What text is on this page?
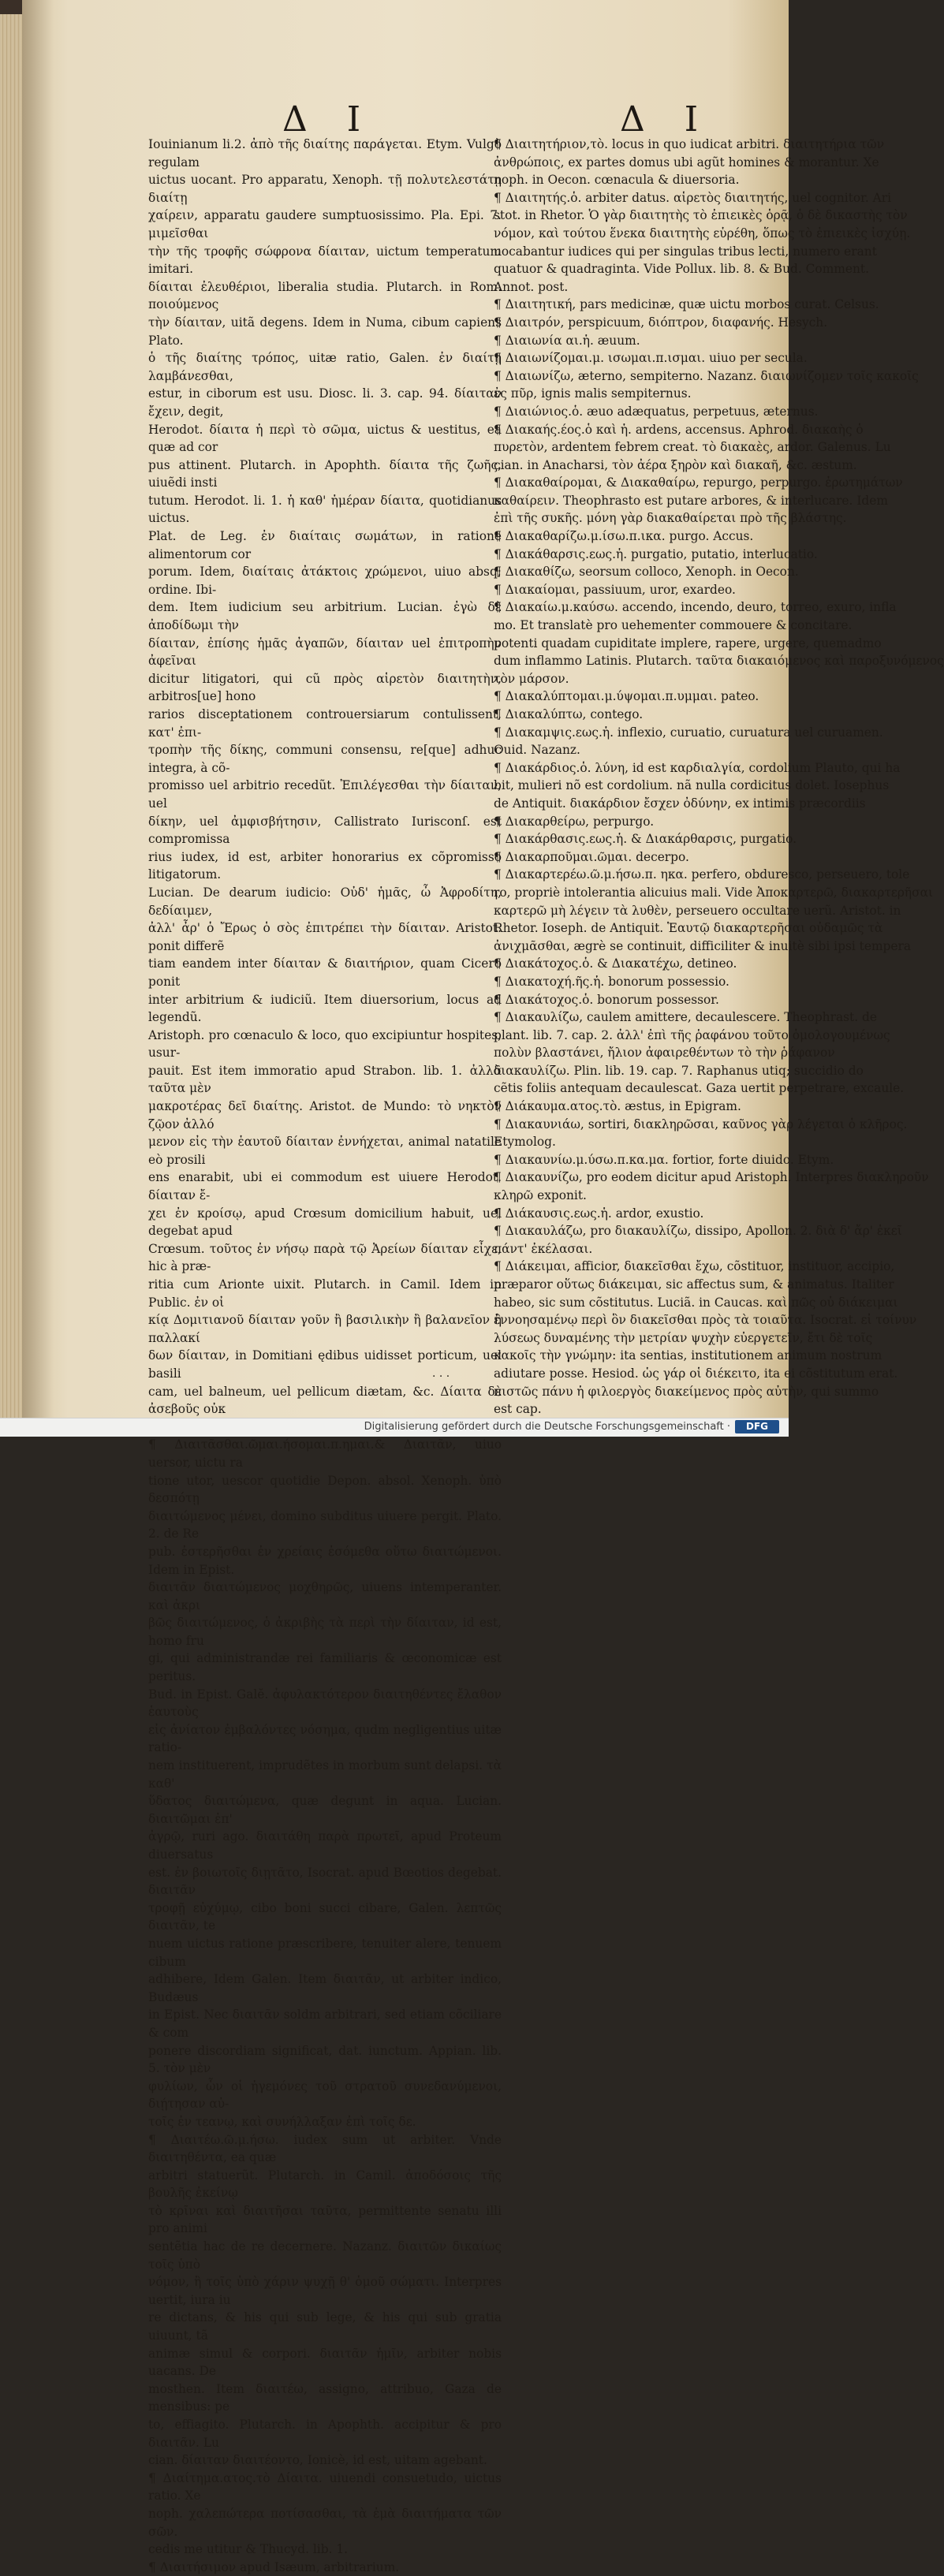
Δ Ι	Δ Ι

Iouinianum li.2. ἀπὸ τῆς διαίτης παράγεται. Etym. Vulgò regulam

uictus uocant. Pro apparatu, Xenoph. τῇ πολυτελεστάτῃ διαίτῃ

χαίρειν, apparatu gaudere sumptuosissimo. Pla. Epi. 7. μιμεῖσθαι

τὴν τῆς τροφῆς σώφρονα δίαιταν, uictum temperatum imitari.

δίαιται ἐλευθέριοι, liberalia studia. Plutarch. in Rom. ποιούμενος

τὴν δίαιταν, uitã degens. Idem in Numa, cibum capiens Plato.

ὁ τῆς διαίτης τρόπος, uitæ ratio, Galen. ἐν διαίτῃ λαμβάνεσθαι,

estur, in ciborum est usu. Diosc. li. 3. cap. 94. δίαιταν ἔχειν, degit,

Herodot. δίαιτα ἡ περὶ τὸ σῶμα, uictus & uestitus, ea quæ ad cor

pus attinent. Plutarch. in Apophth. δίαιτα τῆς ζωῆς, uiuẽdi insti

tutum. Herodot. li. 1. ἡ καθ' ἡμέραν δίαιτα, quotidianus uictus.

Plat. de Leg. ἐν διαίταις σωμάτων, in ratione alimentorum cor

porum. Idem, διαίταις ἀτάκτοις χρώμενοι, uiuo absq; ordine. Ibi-

dem. Item iudicium seu arbitrium. Lucian. ἐγὼ δὲ ἀποδίδωμι τὴν

δίαιταν, ἐπίσης ἡμᾶς ἀγαπῶν, δίαιταν uel ἐπιτροπὴν ἀφεῖναι

dicitur litigatori, qui cũ πρὸς αἱρετὸν διαιτητὴν, arbitros[ue] hono

rarios disceptationem controuersiarum contulissent, κατ' ἐπι-

τροπὴν τῆς δίκης, communi consensu, re[que] adhuc integra, à cõ-

promisso uel arbitrio recedũt. Ἐπιλέγεσθαι τὴν δίαιταν, uel

δίκην, uel ἀμφισβήτησιν, Callistrato Iurisconſ. est compromissa

rius iudex, id est, arbiter honorarius ex cõpromisso litigatorum.

Lucian. De dearum iudicio: Οὐδ' ἡμᾶς, ὦ Ἀφροδίτη, δεδίαιμεν,

ἀλλ' ἆρ' ὁ Ἔρως ὁ σὸς ἐπιτρέπει τὴν δίαιταν. Aristot. ponit differẽ

tiam eandem inter δίαιταν & διαιτήριον, quam Cicero ponit

inter arbitrium & iudiciũ. Item diuersorium, locus ad legendũ.

Aristoph. pro cœnaculo & loco, quo excipiuntur hospites, usur-

pauit. Est item immoratio apud Strabon. lib. 1. ἀλλὰ ταῦτα μὲν

μακροτέρας δεῖ διαίτης. Aristot. de Mundo: τὸ νηκτὸν ζῷον ἀλλό

μενον εἰς τὴν ἑαυτοῦ δίαιταν ἐννήχεται, animal natatile eò prosili

ens enarabit, ubi ei commodum est uiuere Herodot. δίαιταν ἔ-

χει ἐν κροίσῳ, apud Crœsum domicilium habuit, uel degebat apud

Crœsum. τοῦτος ἐν νήσῳ παρὰ τῷ Ἀρείων δίαιταν εἶχε, hic à præ-

ritia cum Arionte uixit. Plutarch. in Camil. Idem in Public. ἐν οἰ

κίᾳ Δομιτιανοῦ δίαιταν γοῦν ἢ βασιλικὴν ἢ βαλανεῖον ἢ παλλακί

δων δίαιταν, in Domitiani ędibus uidisset porticum, uel basili

cam, uel balneum, uel pellicum diætam, &c. Δίαιτα δὲ ἀσεβοῦς οὐκ

¶ Διαιτᾶσθαι.ῶμαι.ήσομαι.π.ημαι.& Διαιτᾶν, uiuo uersor, uictu ra

tione utor, uescor quotidie Depon. absol. Xenoph. ὑπὸ δεσπότῃ

διαιτώμενος μένει, domino subditus uiuere pergit. Plato. 2. de Re

pub. ἐστερῆσθαι ἐν χρείαις ἐσόμεθα οὕτω διαιτώμενοι. Idem in Epist.

διαιτᾶν διαιτώμενος μοχθηρῶς, uiuens intemperanter. καὶ ἀκρι

βῶς διαιτώμενος, ὁ ἀκριβὴς τὰ περὶ τὴν δίαιταν, id est, homo fru

gi, qui administrandæ rei familiaris & œconomicæ est peritus.

Bud. in Epist. Galĕ. ἀφυλακτότερον διαιτηθέντες ἔλαθον ἑαυτοὺς

εἰς ἀνίατον ἐμβαλόντες νόσημα, qudm negligentius uitæ ratio-

nem instituerent, imprudẽtes in morbum sunt delapsi. τὰ καθ'

ὕδατος διαιτώμενα, quæ degunt in aqua. Lucian. διαιτῶμαι ἐπ'

ἀγρῷ, ruri ago. διαιτάθη παρὰ πρωτεῖ, apud Proteum diuersatus

est. ἐν βοιωτοῖς διῃτᾶτο, Isocrat. apud Bœotios degebat. διαιτᾶν

τροφῇ εὐχύμῳ, cibo boni succi cibare, Galen. λεπτῶς διαιτᾶν, te

nuem uictus ratione præscribere, tenuiter alere, tenuem cibum

adhibere, Idem Galen. Item διαιτᾶν, ut arbiter indico, Budæus

in Epist. Nec διαιτᾶν soldm arbitrari, sed etiam cõciliare & com

ponere discordiam significat, dat. iunctum. Appian. lib. 5. τὸν μὲν

φυλίων, ὧν οἱ ἡγεμόνες τοῦ στρατοῦ συνεδανύμενοι, διῄτησαν αὐ-

τοῖς ἐν τεανῳ, καὶ συνήλλαξαν ἐπὶ τοῖς δε.

¶ Διαιτέω.ῶ.μ.ήσω. iudex sum ut arbiter. Vnde διαιτηθέντα, ea quæ

arbitri statuerũt. Plutarch. in Camil. ἀποδόσοις τῆς βουλῆς ἐκείνῳ

τὸ κρῖναι καὶ διαιτῆσαι ταῦτα, permittente senatu illi pro animi

sentẽtia hac de re decernere. Nazanz. διαιτῶν δικαίως τοῖς ὑπὸ

νόμον, ἢ τοῖς ὑπὸ χάριν ψυχῇ θ' ὁμοῦ σώματι. Interpres uertit, iura iu

re dictans, & his qui sub lege, & his qui sub gratia uiuunt, tã

animæ simul & corpori. διαιτᾶν ἡμῖν, arbiter nobis uacans. De

mosthen. Item διαιτέω, assigno, attribuo, Gaza de mensibus: pe

to, effiagito. Plutarch. in Apophth. accipitur & pro διαιτᾶν. Lu

cian. δίαιταν διαιτέοντο, Ionicè, id est, uitam agebant.

¶ Διαίτημα.ατος.τὸ Δίαιτα. uiuendi consuetudo, uictus ratio. Xe

noph. χαλεπώτερα ποτίσασθαι, τὰ ἐμὰ διαιτήματα τῶν σῶν.

cedis me utitur & Thucyd. lib. 1.

¶ Διαιτήσιμον apud Isæum, arbitrarium.

¶ Διαιτητήριον,τὸ. locus in quo iudicat arbitri. διαιτητήρια τῶν

ἀνθρώποις, ex partes domus ubi agũt homines & morantur. Xe

noph. in Oecon. cœnacula & diuersoria.

¶ Διαιτητής.ὁ. arbiter datus. αἱρετὸς διαιτητής, uel cognitor. Ari

stot. in Rhetor. Ὁ γὰρ διαιτητὴς τὸ ἐπιεικὲς ὁρᾷ, ὁ δὲ δικαστὴς τὸν

νόμον, καὶ τούτου ἕνεκα διαιτητὴς εὑρέθη, ὅπως τὸ ἐπιεικὲς ἰσχύῃ.

uocabantur iudices qui per singulas tribus lecti, numero erant

quatuor & quadraginta. Vide Pollux. lib. 8. & Bud. Comment.

Annot. post.

¶ Διαιτητική, pars medicinæ, quæ uictu morbos curat. Celsus.

¶ Διαιτρόν, perspicuum, διόπτρον, διαφανής. Hesych.

¶ Διαιωνία αι.ἡ. æuum.

¶ Διαιωνίζομαι.μ. ισωμαι.π.ισμαι. uiuo per secula.

¶ Διαιωνίζω, æterno, sempiterno. Nazanz. διαιωνίζομεν τοῖς κακοῖς

ἐς πῦρ, ignis malis sempiternus.

¶ Διαιώνιος.ὁ. æuo adæquatus, perpetuus, æternus.

¶ Διακαής.έος.ὁ καὶ ἡ. ardens, accensus. Aphrod. διακαὴς ὁ

πυρετὸν, ardentem febrem creat. τὸ διακαὲς, ardor. Galenus. Lu

cian. in Anacharsi, τὸν ἀέρα ξηρὸν καὶ διακαῆ, &c. æstum.

¶ Διακαθαίρομαι, & Διακαθαίρω, repurgo, perpurgo. ἐρωτημάτων

καθαίρειν. Theophrasto est putare arbores, & interlucare. Idem

ἐπὶ τῆς συκῆς. μόνη γὰρ διακαθαίρεται πρὸ τῆς βλάστης.

¶ Διακαθαρίζω.μ.ίσω.π.ικα. purgo. Accus.

¶ Διακάθαρσις.εως.ἡ. purgatio, putatio, interlucatio.

¶ Διακαθίζω, seorsum colloco, Xenoph. in Oecon.

¶ Διακαίομαι, passiuum, uror, exardeo.

¶ Διακαίω.μ.καύσω. accendo, incendo, deuro, torreo, exuro, infla

mo. Et translatè pro uehementer commouere & concitare.

potenti quadam cupiditate implere, rapere, urgere, quemadmo

dum inflammo Latinis. Plutarch. ταῦτα διακαιόμενος καὶ παροξυνόμενος

τὸν μάρσον.

¶ Διακαλύπτομαι.μ.ύψομαι.π.υμμαι. pateo.

¶ Διακαλύπτω, contego.

¶ Διακαμψις.εως.ἡ. inflexio, curuatio, curuatura uel curuamen.

Ouid. Nazanz.

¶ Διακάρδιος.ὁ. λύνη, id est καρδιαλγία, cordolium Plauto, qui ha

bit, mulieri nõ est cordolium. nã nulla cordicitus dolet. Iosephus

de Antiquit. διακάρδιον ἔσχεν ὀδύνην, ex intimis præcordiis

¶ Διακαρθείρω, perpurgo.

¶ Διακάρθασις.εως.ἡ. & Διακάρθαρσις, purgatio.

¶ Διακαρποῦμαι.ῶμαι. decerpo.

¶ Διακαρτερέω.ῶ.μ.ήσω.π. ηκα. perfero, obduresco, perseuero, tole

ro, propriè intolerantia alicuius mali. Vide Ἀποκαρτερῶ, διακαρτερῆσαι

καρτερῶ μὴ λέγειν τὰ λυθὲν, perseuero occultare uerũ. Aristot. in

Rhetor. Ioseph. de Antiquit. Ἑαυτῷ διακαρτερῆσαι οὐδαμῶς τὰ

ἀνιχμᾶσθαι, ægrè se continuit, difficiliter & inuitè sibi ipsi tempera

¶ Διακάτοχος.ὁ. & Διακατέχω, detineo.

¶ Διακατοχή.ῆς.ἡ. bonorum possessio.

¶ Διακάτοχος.ὁ. bonorum possessor.

¶ Διακαυλίζω, caulem amittere, decaulescere. Theophrast. de

plant. lib. 7. cap. 2. ἀλλ' ἐπὶ τῆς ῥαφάνου τοῦτο ὁμολογουμένως

πολὺν βλαστάνει, ἤλιον ἀφαιρεθέντων τὸ τὴν ῥάφανον

διακαυλίζω. Plin. lib. 19. cap. 7. Raphanus utiq; succidio do

cẽtis foliis antequam decaulescat. Gaza uertit perpetrare, excaule.

¶ Διάκαυμα.ατος.τὸ. æstus, in Epigram.

¶ Διακαυνιάω, sortiri, διακληρῶσαι, καῦνος γὰρ λέγεται ὁ κλῆρος.

Etymolog.

¶ Διακαυνίω.μ.ύσω.π.κα.μα. fortior, forte diuido. Etym.

¶ Διακαυνίζω, pro eodem dicitur apud Aristoph. Interpres διακληροῦν

κληρῶ exponit.

¶ Διάκαυσις.εως.ἡ. ardor, exustio.

¶ Διακαυλάζω, pro διακαυλίζω, dissipo, Apollon. 2. διὰ δ' ἄρ' ἐκεῖ

πάντ' ἐκέλασαι.

¶ Διάκειμαι, afficior, διακεῖσθαι ἔχω, cõstituor, instituor, accipio,

præparor οὕτως διάκειμαι, sic affectus sum, & animatus. Italiter

habeo, sic sum cõstitutus. Luciã. in Caucas. καὶ πῶς οὐ διάκειμαι

ἐννοησαμένῳ περὶ ὃν διακεῖσθαι πρὸς τὰ τοιαῦτα. Isocrat. εἰ τοίνυν

λύσεως δυναμένης τὴν μετρίαν ψυχὴν εὐεργετεῖν, ἔτι δὲ τοῖς

κακοῖς τὴν γνώμην: ita sentias, institutionem animum nostrum

adiutare posse. Hesiod. ὡς γάρ οἱ διέκειτο, ita ei cõstitutum erat.

πιστῶς πάνυ ἡ φιλοεργὸς διακείμενος πρὸς αὐτὴν, qui summo

est cap.

· · ·
Digitalisierung gefördert durch die Deutsche Forschungsgemeinschaft ·	DFG
